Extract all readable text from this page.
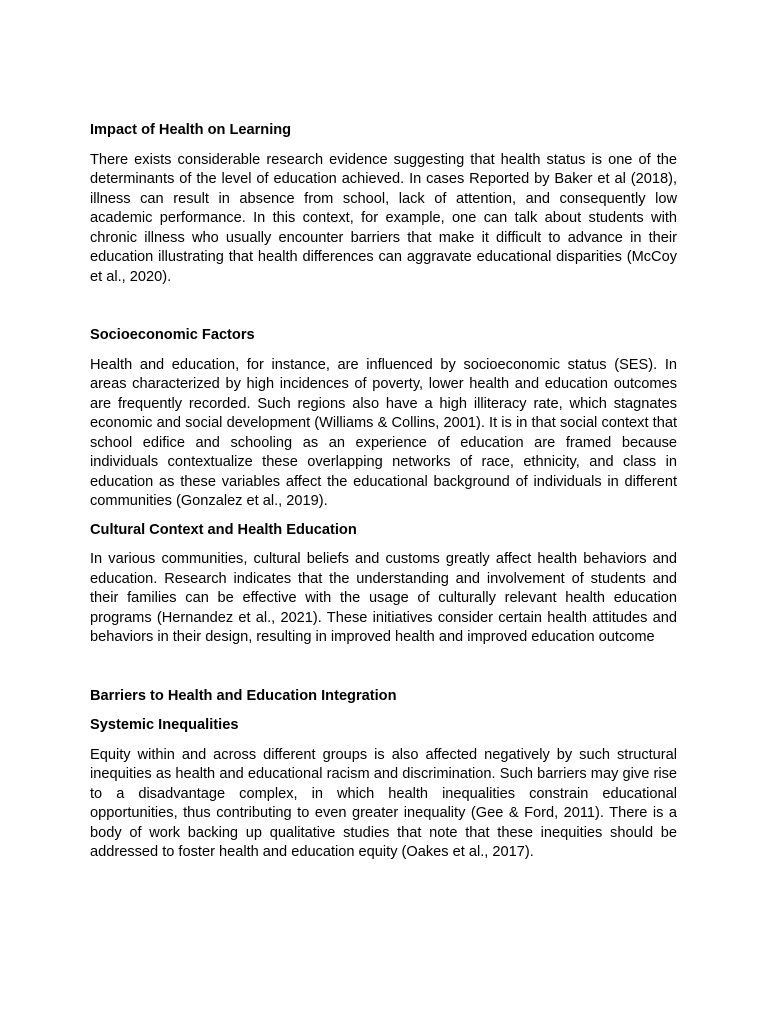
Impact of Health on Learning

There exists considerable research evidence suggesting that health status is one of the determinants of the level of education achieved. In cases Reported by Baker et al (2018), illness can result in absence from school, lack of attention, and consequently low academic performance. In this context, for example, one can talk about students with chronic illness who usually encounter barriers that make it difficult to advance in their education illustrating that health differences can aggravate educational disparities (McCoy et al., 2020).

Socioeconomic Factors

Health and education, for instance, are influenced by socioeconomic status (SES). In areas characterized by high incidences of poverty, lower health and education outcomes are frequently recorded. Such regions also have a high illiteracy rate, which stagnates economic and social development (Williams & Collins, 2001). It is in that social context that school edifice and schooling as an experience of education are framed because individuals contextualize these overlapping networks of race, ethnicity, and class in education as these variables affect the educational background of individuals in different communities (Gonzalez et al., 2019).

Cultural Context and Health Education

In various communities, cultural beliefs and customs greatly affect health behaviors and education. Research indicates that the understanding and involvement of students and their families can be effective with the usage of culturally relevant health education programs (Hernandez et al., 2021). These initiatives consider certain health attitudes and behaviors in their design, resulting in improved health and improved education outcome

Barriers to Health and Education Integration
Systemic Inequalities

Equity within and across different groups is also affected negatively by such structural inequities as health and educational racism and discrimination. Such barriers may give rise to a disadvantage complex, in which health inequalities constrain educational opportunities, thus contributing to even greater inequality (Gee & Ford, 2011). There is a body of work backing up qualitative studies that note that these inequities should be addressed to foster health and education equity (Oakes et al., 2017).
